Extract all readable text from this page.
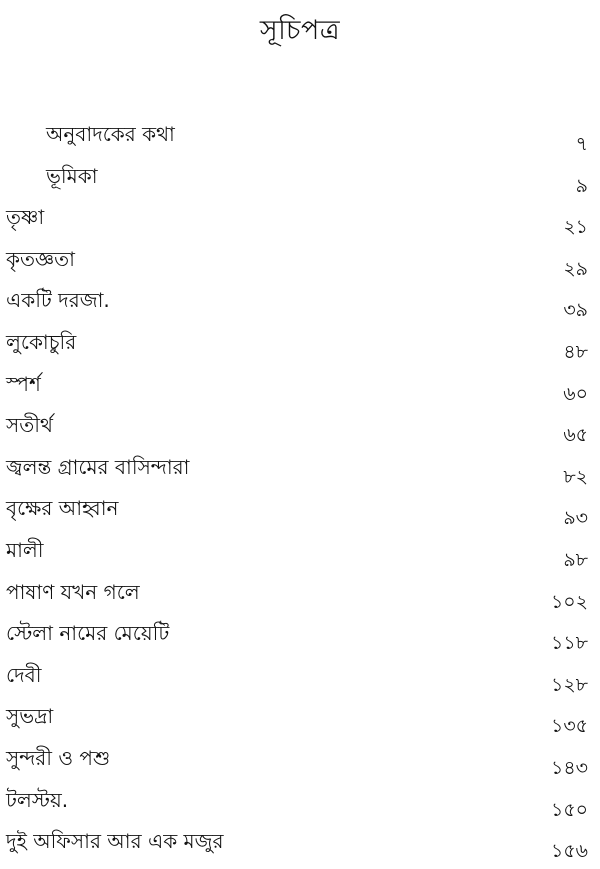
সূচিপত্র
অনুবাদকের কথা	৭
ভূমিকা	৯
তৃষ্ণা	২১
কৃতজ্ঞতা	২৯
একটি দরজা.	৩৯
লুকোচুরি	৪৮
স্পর্শ	৬০
সতীর্থ	৬৫
জ্বলন্ত গ্রামের বাসিন্দারা	৮২
বৃক্ষের আহ্বান	৯৩
মালী	৯৮
পাষাণ যখন গলে	১০২
স্টেলা নামের মেয়েটি	১১৮
দেবী	১২৮
সুভদ্রা	১৩৫
সুন্দরী ও পশু	১৪৩
টলস্টয়.	১৫০
দুই অফিসার আর এক মজুর	১৫৬
